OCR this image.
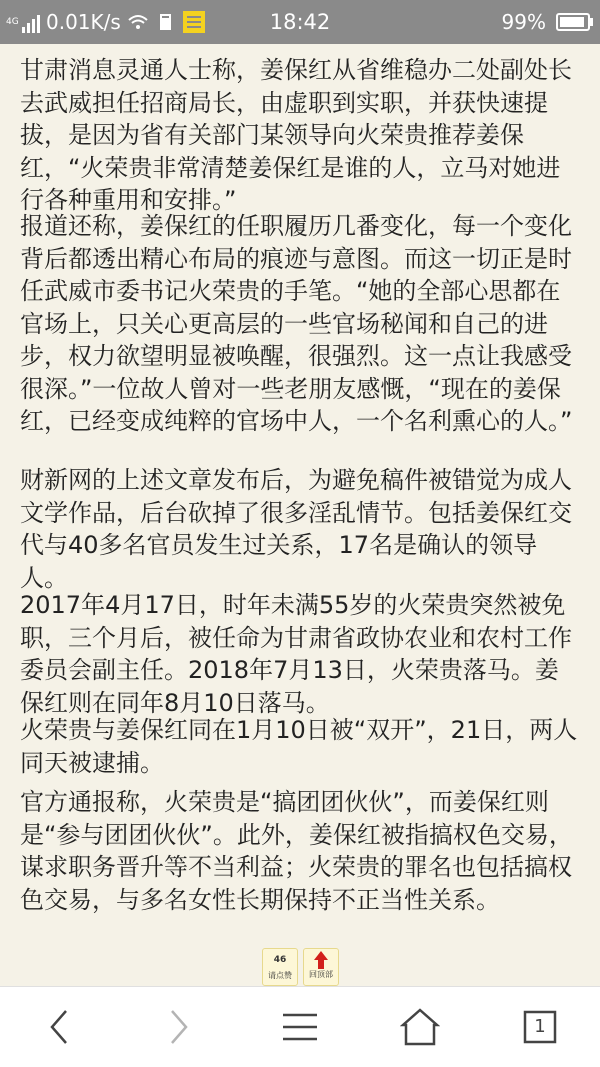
4G 0.01K/s	18:42	99%

甘肃消息灵通人士称，姜保红从省维稳办二处副处长去武威担任招商局长，由虚职到实职，并获快速提拔，是因为省有关部门某领导向火荣贵推荐姜保红，“火荣贵非常清楚姜保红是谁的人，立马对她进行各种重用和安排。”

报道还称，姜保红的任职履历几番变化，每一个变化背后都透出精心布局的痕迹与意图。而这一切正是时任武威市委书记火荣贵的手笔。“她的全部心思都在官场上，只关心更高层的一些官场秘闻和自己的进步，权力欲望明显被唤醒，很强烈。这一点让我感受很深。”一位故人曾对一些老朋友感慨，“现在的姜保红，已经变成纯粹的官场中人，一个名利熏心的人。”

财新网的上述文章发布后，为避免稿件被错觉为成人文学作品，后台砍掉了很多淫乱情节。包括姜保红交代与40多名官员发生过关系，17名是确认的领导人。

2017年4月17日，时年未满55岁的火荣贵突然被免职，三个月后，被任命为甘肃省政协农业和农村工作委员会副主任。2018年7月13日，火荣贵落马。姜保红则在同年8月10日落马。

火荣贵与姜保红同在1月10日被“双开”，21日，两人同天被逮捕。

官方通报称，火荣贵是“搞团团伙伙”，而姜保红则是“参与团团伙伙”。此外，姜保红被指搞权色交易，谋求职务晋升等不当利益；火荣贵的罪名也包括搞权色交易，与多名女性长期保持不正当性关系。

46
请点赞	回顶部
1
